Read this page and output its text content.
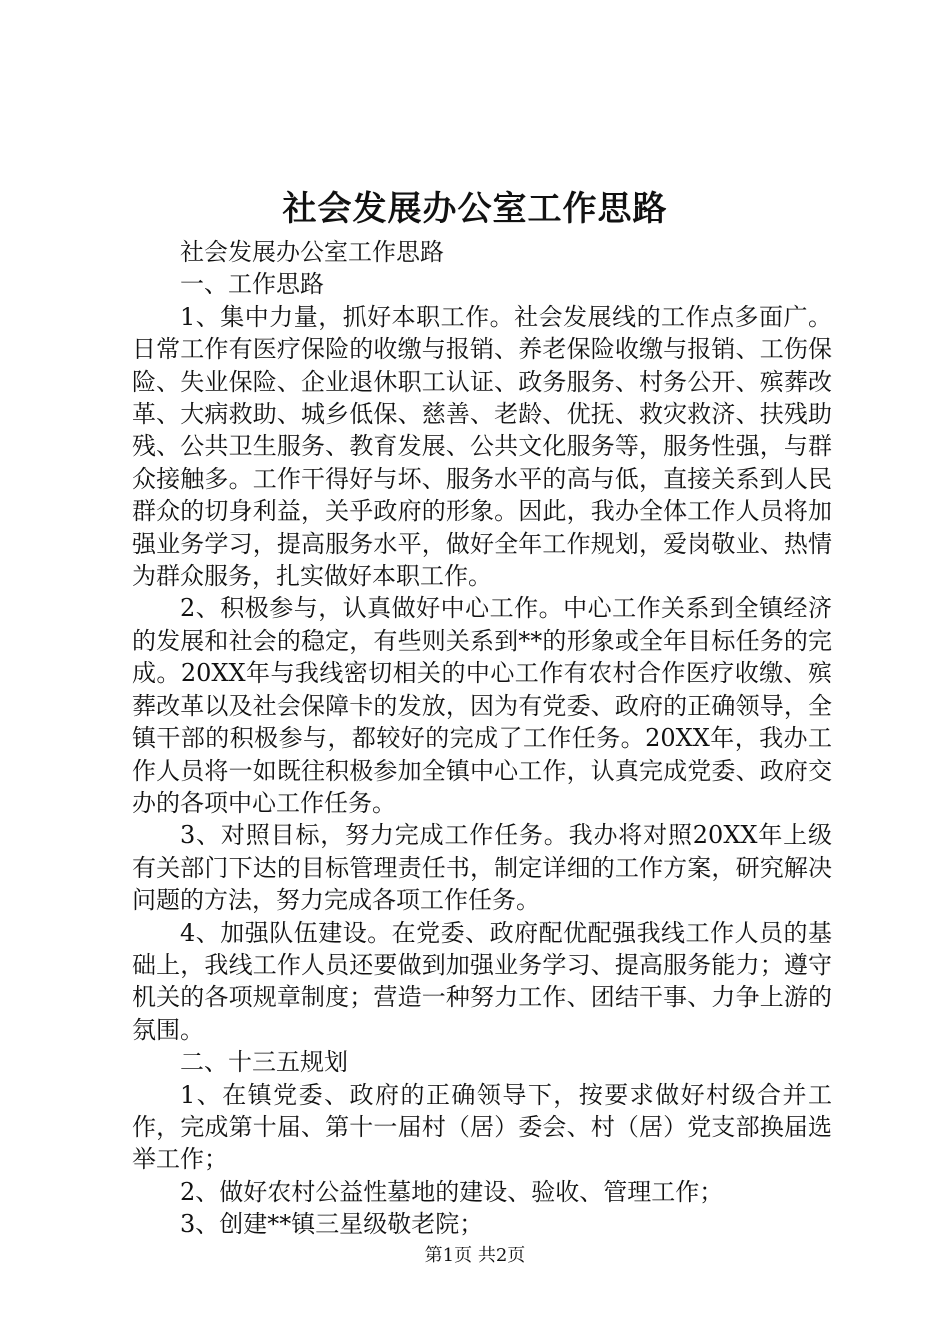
社会发展办公室工作思路

社会发展办公室工作思路

一、工作思路

1、集中力量，抓好本职工作。社会发展线的工作点多面广。日常工作有医疗保险的收缴与报销、养老保险收缴与报销、工伤保险、失业保险、企业退休职工认证、政务服务、村务公开、殡葬改革、大病救助、城乡低保、慈善、老龄、优抚、救灾救济、扶残助残、公共卫生服务、教育发展、公共文化服务等，服务性强，与群众接触多。工作干得好与坏、服务水平的高与低，直接关系到人民群众的切身利益，关乎政府的形象。因此，我办全体工作人员将加强业务学习，提高服务水平，做好全年工作规划，爱岗敬业、热情为群众服务，扎实做好本职工作。

2、积极参与，认真做好中心工作。中心工作关系到全镇经济的发展和社会的稳定，有些则关系到**的形象或全年目标任务的完成。20XX年与我线密切相关的中心工作有农村合作医疗收缴、殡葬改革以及社会保障卡的发放，因为有党委、政府的正确领导，全镇干部的积极参与，都较好的完成了工作任务。20XX年，我办工作人员将一如既往积极参加全镇中心工作，认真完成党委、政府交办的各项中心工作任务。

3、对照目标，努力完成工作任务。我办将对照20XX年上级有关部门下达的目标管理责任书，制定详细的工作方案，研究解决问题的方法，努力完成各项工作任务。

4、加强队伍建设。在党委、政府配优配强我线工作人员的基础上，我线工作人员还要做到加强业务学习、提高服务能力；遵守机关的各项规章制度；营造一种努力工作、团结干事、力争上游的氛围。

二、十三五规划

1、在镇党委、政府的正确领导下，按要求做好村级合并工作，完成第十届、第十一届村（居）委会、村（居）党支部换届选举工作；

2、做好农村公益性墓地的建设、验收、管理工作；

3、创建**镇三星级敬老院；

第1页 共2页
